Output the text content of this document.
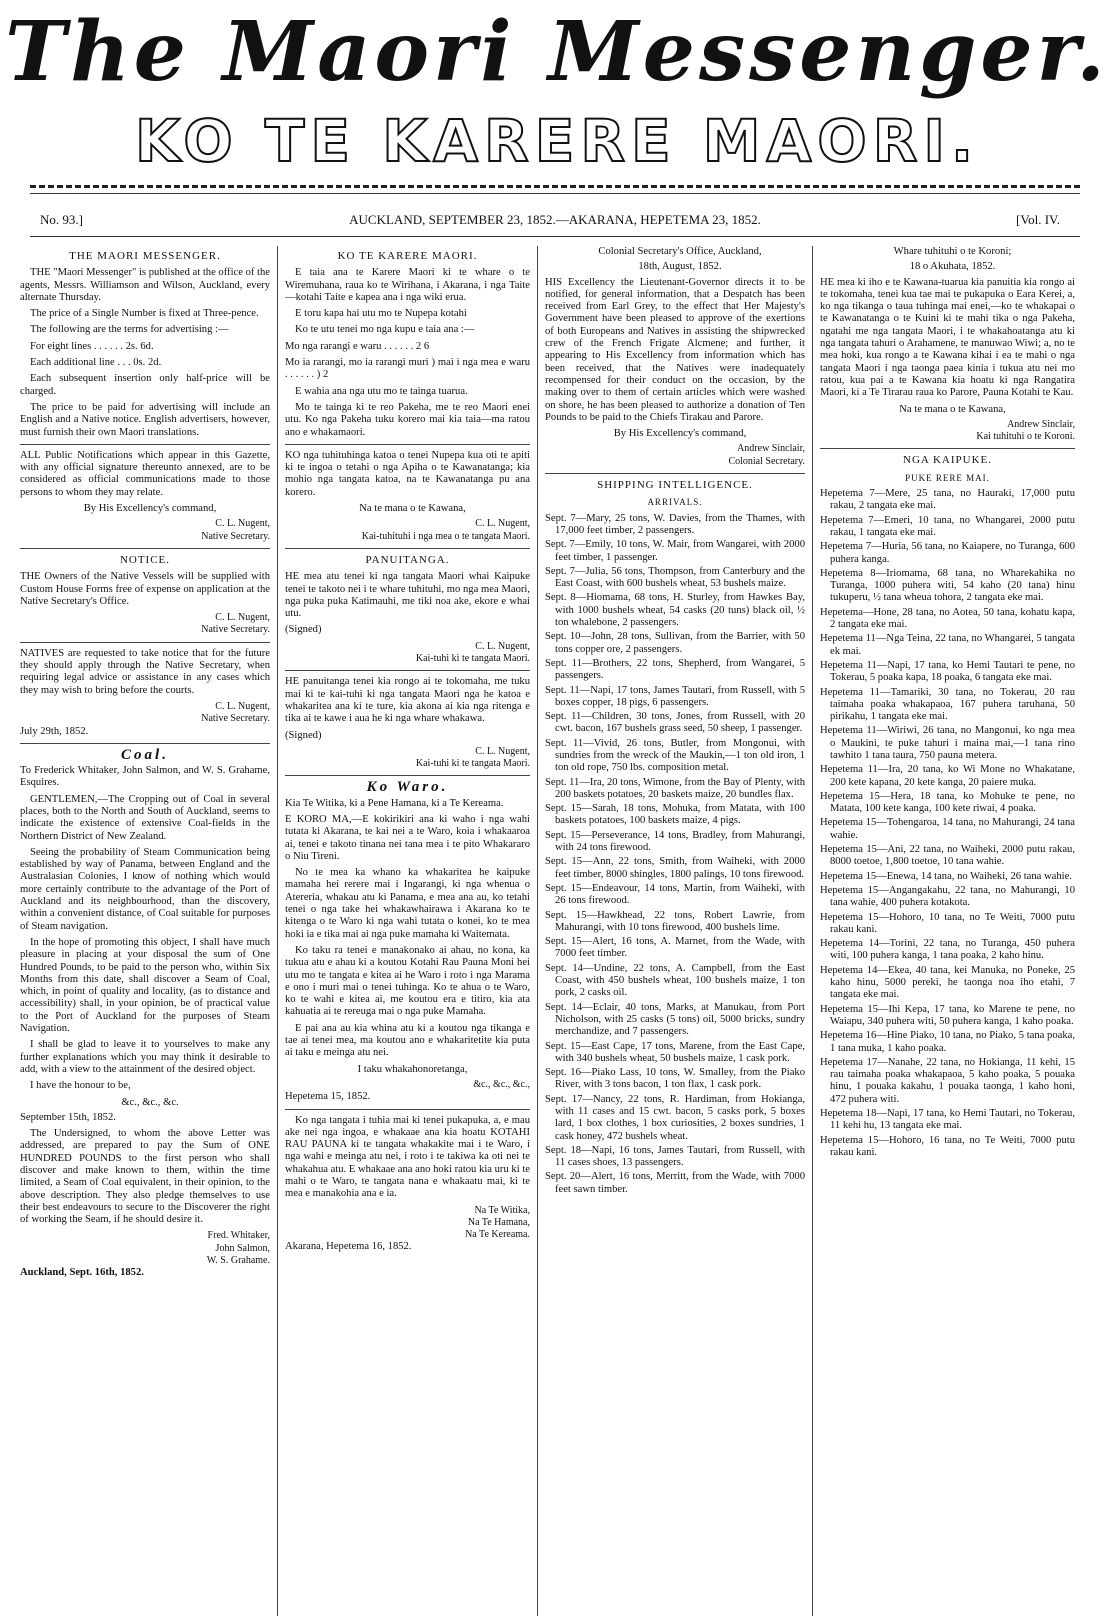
The Maori Messenger.
KO TE KARERE MAORI.
No. 93.]	AUCKLAND, SEPTEMBER 23, 1852.—AKARANA, HEPETEMA 23, 1852.	[Vol. IV.
THE MAORI MESSENGER.

THE "Maori Messenger" is published at the office of the agents, Messrs. Williamson and Wilson, Auckland, every alternate Thursday.

The price of a Single Number is fixed at Three-pence.

The following are the terms for advertising :—

For eight lines . . . . . . 2s. 6d.

Each additional line . . . 0s. 2d.

Each subsequent insertion only half-price will be charged.

The price to be paid for advertising will include an English and a Native notice. English advertisers, however, must furnish their own Maori translations.

ALL Public Notifications which appear in this Gazette, with any official signature thereunto annexed, are to be considered as official communications made to those persons to whom they may relate.

By His Excellency's command,

C. L. Nugent,

Native Secretary.

NOTICE.

THE Owners of the Native Vessels will be supplied with Custom House Forms free of expense on application at the Native Secretary's Office.

C. L. Nugent,

Native Secretary.

NATIVES are requested to take notice that for the future they should apply through the Native Secretary, when requiring legal advice or assistance in any cases which they may wish to bring before the courts.

C. L. Nugent,

Native Secretary.

July 29th, 1852.

Coal.

To Frederick Whitaker, John Salmon, and W. S. Grahame, Esquires.

GENTLEMEN,—The Cropping out of Coal in several places, both to the North and South of Auckland, seems to indicate the existence of extensive Coal-fields in the Northern District of New Zealand.

Seeing the probability of Steam Communication being established by way of Panama, between England and the Australasian Colonies, I know of nothing which would more certainly contribute to the advantage of the Port of Auckland and its neighbourhood, than the discovery, within a convenient distance, of Coal suitable for purposes of Steam navigation.

In the hope of promoting this object, I shall have much pleasure in placing at your disposal the sum of One Hundred Pounds, to be paid to the person who, within Six Months from this date, shall discover a Seam of Coal, which, in point of quality and locality, (as to distance and accessibility) shall, in your opinion, be of practical value to the Port of Auckland for the purposes of Steam Navigation.

I shall be glad to leave it to yourselves to make any further explanations which you may think it desirable to add, with a view to the attainment of the desired object.

I have the honour to be,

&c., &c., &c.

September 15th, 1852.

The Undersigned, to whom the above Letter was addressed, are prepared to pay the Sum of ONE HUNDRED POUNDS to the first person who shall discover and make known to them, within the time limited, a Seam of Coal equivalent, in their opinion, to the above description. They also pledge themselves to use their best endeavours to secure to the Discoverer the right of working the Seam, if he should desire it.

Fred. Whitaker,

John Salmon,

W. S. Grahame.

Auckland, Sept. 16th, 1852.

KO TE KARERE MAORI.

E taia ana te Karere Maori ki te whare o te Wiremuhana, raua ko te Wirihana, i Akarana, i nga Taite—kotahi Taite e kapea ana i nga wiki erua.

E toru kapa hai utu mo te Nupepa kotahi

Ko te utu tenei mo nga kupu e taia ana :—

Mo nga rarangi e waru . . . . . . 2 6

Mo ia rarangi, mo ia rarangi muri ) mai i nga mea e waru . . . . . . ) 2

E wahia ana nga utu mo te tainga tuarua.

Mo te tainga ki te reo Pakeha, me te reo Maori enei utu. Ko nga Pakeha tuku korero mai kia taia—ma ratou ano e whakamaori.

KO nga tuhituhinga katoa o tenei Nupepa kua oti te apiti ki te ingoa o tetahi o nga Apiha o te Kawanatanga; kia mohio nga tangata katoa, na te Kawanatanga pu ana korero.

Na te mana o te Kawana,

C. L. Nugent,

Kai-tuhituhi i nga mea o te tangata Maori.

PANUITANGA.

HE mea atu tenei ki nga tangata Maori whai Kaipuke tenei te takoto nei i te whare tuhituhi, mo nga mea Maori, nga puka puka Katimauhi, me tiki noa ake, ekore e whai utu.

(Signed)

C. L. Nugent,

Kai-tuhi ki te tangata Maori.

HE panuitanga tenei kia rongo ai te tokomaha, me tuku mai ki te kai-tuhi ki nga tangata Maori nga he katoa e whakaritea ana ki te ture, kia akona ai kia nga ritenga e tika ai te kawe i aua he ki nga whare whakawa.

(Signed)

C. L. Nugent,

Kai-tuhi ki te tangata Maori.

Ko Waro.

Kia Te Witika, ki a Pene Hamana, ki a Te Kereama.

E KORO MA,—E kokirikiri ana ki waho i nga wahi tutata ki Akarana, te kai nei a te Waro, koia i whakaaroa ai, tenei e takoto tinana nei tana mea i te pito Whakararo o Niu Tireni.

No te mea ka whano ka whakaritea he kaipuke mamaha hei rerere mai i Ingarangi, ki nga whenua o Atereria, whakau atu ki Panama, e mea ana au, ko tetahi tenei o nga take hei whakawhairawa i Akarana ko te kitenga o te Waro ki nga wahi tutata o konei, ko te mea hoki ia e tika mai ai nga puke mamaha ki Waitemata.

Ko taku ra tenei e manakonako ai ahau, no kona, ka tukua atu e ahau ki a koutou Kotahi Rau Pauna Moni hei utu mo te tangata e kitea ai he Waro i roto i nga Marama e ono i muri mai o tenei tuhinga. Ko te ahua o te Waro, ko te wahi e kitea ai, me koutou era e titiro, kia ata kahuatia ai te rereuga mai o nga puke Mamaha.

E pai ana au kia whina atu ki a koutou nga tikanga e tae ai tenei mea, ma koutou ano e whakaritetite kia puta ai taku e meinga atu nei.

I taku whakahonoretanga,

&c., &c., &c.,

Hepetema 15, 1852.

Ko nga tangata i tuhia mai ki tenei pukapuka, a, e mau ake nei nga ingoa, e whakaae ana kia hoatu KOTAHI RAU PAUNA ki te tangata whakakite mai i te Waro, i nga wahi e meinga atu nei, i roto i te takiwa ka oti nei te whakahua atu. E whakaae ana ano hoki ratou kia uru ki te mahi o te Waro, te tangata nana e whakaatu mai, ki te mea e manakohia ana e ia.

Na Te Witika,

Na Te Hamana,

Na Te Kereama.

Akarana, Hepetema 16, 1852.

Colonial Secretary's Office, Auckland,

18th, August, 1852.

HIS Excellency the Lieutenant-Governor directs it to be notified, for general information, that a Despatch has been received from Earl Grey, to the effect that Her Majesty's Government have been pleased to approve of the exertions of both Europeans and Natives in assisting the shipwrecked crew of the French Frigate Alcmene; and further, it appearing to His Excellency from information which has been received, that the Natives were inadequately recompensed for their conduct on the occasion, by the making over to them of certain articles which were washed on shore, he has been pleased to authorize a donation of Ten Pounds to be paid to the Chiefs Tirakau and Parore.

By His Excellency's command,

Andrew Sinclair,

Colonial Secretary.

SHIPPING INTELLIGENCE.
ARRIVALS.

Sept. 7—Mary, 25 tons, W. Davies, from the Thames, with 17,000 feet timber, 2 passengers.

Sept. 7—Emily, 10 tons, W. Mair, from Wangarei, with 2000 feet timber, 1 passenger.

Sept. 7—Julia, 56 tons, Thompson, from Canterbury and the East Coast, with 600 bushels wheat, 53 bushels maize.

Sept. 8—Hiomama, 68 tons, H. Sturley, from Hawkes Bay, with 1000 bushels wheat, 54 casks (20 tuns) black oil, ½ ton whalebone, 2 passengers.

Sept. 10—John, 28 tons, Sullivan, from the Barrier, with 50 tons copper ore, 2 passengers.

Sept. 11—Brothers, 22 tons, Shepherd, from Wangarei, 5 passengers.

Sept. 11—Napi, 17 tons, James Tautari, from Russell, with 5 boxes copper, 18 pigs, 6 passengers.

Sept. 11—Children, 30 tons, Jones, from Russell, with 20 cwt. bacon, 167 bushels grass seed, 50 sheep, 1 passenger.

Sept. 11—Vivid, 26 tons, Butler, from Mongonui, with sundries from the wreck of the Maukin,—1 ton old iron, 1 ton old rope, 750 lbs. composition metal.

Sept. 11—Ira, 20 tons, Wimone, from the Bay of Plenty, with 200 baskets potatoes, 20 baskets maize, 20 bundles flax.

Sept. 15—Sarah, 18 tons, Mohuka, from Matata, with 100 baskets potatoes, 100 baskets maize, 4 pigs.

Sept. 15—Perseverance, 14 tons, Bradley, from Mahurangi, with 24 tons firewood.

Sept. 15—Ann, 22 tons, Smith, from Waiheki, with 2000 feet timber, 8000 shingles, 1800 palings, 10 tons firewood.

Sept. 15—Endeavour, 14 tons, Martin, from Waiheki, with 26 tons firewood.

Sept. 15—Hawkhead, 22 tons, Robert Lawrie, from Mahurangi, with 10 tons firewood, 400 bushels lime.

Sept. 15—Alert, 16 tons, A. Marnet, from the Wade, with 7000 feet timber.

Sept. 14—Undine, 22 tons, A. Campbell, from the East Coast, with 450 bushels wheat, 100 bushels maize, 1 ton pork, 2 casks oil.

Sept. 14—Eclair, 40 tons, Marks, at Manukau, from Port Nicholson, with 25 casks (5 tons) oil, 5000 bricks, sundry merchandize, and 7 passengers.

Sept. 15—East Cape, 17 tons, Marene, from the East Cape, with 340 bushels wheat, 50 bushels maize, 1 cask pork.

Sept. 16—Piako Lass, 10 tons, W. Smalley, from the Piako River, with 3 tons bacon, 1 ton flax, 1 cask pork.

Sept. 17—Nancy, 22 tons, R. Hardiman, from Hokianga, with 11 cases and 15 cwt. bacon, 5 casks pork, 5 boxes lard, 1 box clothes, 1 box curiosities, 2 boxes sundries, 1 cask honey, 472 bushels wheat.

Sept. 18—Napi, 16 tons, James Tautari, from Russell, with 11 cases shoes, 13 passengers.

Sept. 20—Alert, 16 tons, Merritt, from the Wade, with 7000 feet sawn timber.

Whare tuhituhi o te Koroni;

18 o Akuhata, 1852.

HE mea ki iho e te Kawana-tuarua kia panuitia kia rongo ai te tokomaha, tenei kua tae mai te pukapuka o Eara Kerei, a, ko nga tikanga o taua tuhinga mai enei,—ko te whakapai o te Kawanatanga o te Kuini ki te mahi tika o nga Pakeha, ngatahi me nga tangata Maori, i te whakahoatanga atu ki nga tangata tahuri o Arahamene, te manuwao Wiwi; a, no te mea hoki, kua rongo a te Kawana kihai i ea te mahi o nga tangata Maori i nga taonga paea kinia i tukua atu nei mo ratou, kua pai a te Kawana kia hoatu ki nga Rangatira Maori, ki a Te Tirarau raua ko Parore, Pauna Kotahi te Kau.

Na te mana o te Kawana,

Andrew Sinclair,

Kai tuhituhi o te Koroni.

NGA KAIPUKE.
PUKE RERE MAI.

Hepetema 7—Mere, 25 tana, no Hauraki, 17,000 putu rakau, 2 tangata eke mai.

Hepetema 7—Emeri, 10 tana, no Whangarei, 2000 putu rakau, 1 tangata eke mai.

Hepetema 7—Huria, 56 tana, no Kaiapere, no Turanga, 600 puhera kanga.

Hepetema 8—Iriomama, 68 tana, no Wharekahika no Turanga, 1000 puhera witi, 54 kaho (20 tana) hinu tukuperu, ½ tana wheua tohora, 2 tangata eke mai.

Hepetema—Hone, 28 tana, no Aotea, 50 tana, kohatu kapa, 2 tangata eke mai.

Hepetema 11—Nga Teina, 22 tana, no Whangarei, 5 tangata ek mai.

Hepetema 11—Napi, 17 tana, ko Hemi Tautari te pene, no Tokerau, 5 poaka kapa, 18 poaka, 6 tangata eke mai.

Hepetema 11—Tamariki, 30 tana, no Tokerau, 20 rau taimaha poaka whakapaoa, 167 puhera taruhana, 50 pirikahu, 1 tangata eke mai.

Hepetema 11—Wiriwi, 26 tana, no Mangonui, ko nga mea o Maukini, te puke tahuri i maina mai,—1 tana rino tawhito 1 tana taura, 750 pauna metera.

Hepetema 11—Ira, 20 tana, ko Wi Mone no Whakatane, 200 kete kapana, 20 kete kanga, 20 paiere muka.

Hepetema 15—Hera, 18 tana, ko Mohuke te pene, no Matata, 100 kete kanga, 100 kete riwai, 4 poaka.

Hepetema 15—Tohengaroa, 14 tana, no Mahurangi, 24 tana wahie.

Hepetema 15—Ani, 22 tana, no Waiheki, 2000 putu rakau, 8000 toetoe, 1,800 toetoe, 10 tana wahie.

Hepetema 15—Enewa, 14 tana, no Waiheki, 26 tana wahie.

Hepetema 15—Angangakahu, 22 tana, no Mahurangi, 10 tana wahie, 400 puhera kotakota.

Hepetema 15—Hohoro, 10 tana, no Te Weiti, 7000 putu rakau kani.

Hepetema 14—Torini, 22 tana, no Turanga, 450 puhera witi, 100 puhera kanga, 1 tana poaka, 2 kaho hinu.

Hepetema 14—Ekea, 40 tana, kei Manuka, no Poneke, 25 kaho hinu, 5000 pereki, he taonga noa iho etahi, 7 tangata eke mai.

Hepetema 15—Ihi Kepa, 17 tana, ko Marene te pene, no Waiapu, 340 puhera witi, 50 puhera kanga, 1 kaho poaka.

Hepetema 16—Hine Piako, 10 tana, no Piako, 5 tana poaka, 1 tana muka, 1 kaho poaka.

Hepetema 17—Nanahe, 22 tana, no Hokianga, 11 kehi, 15 rau taimaha poaka whakapaoa, 5 kaho poaka, 5 pouaka hinu, 1 pouaka kakahu, 1 pouaka taonga, 1 kaho honi, 472 puhera witi.

Hepetema 18—Napi, 17 tana, ko Hemi Tautari, no Tokerau, 11 kehi hu, 13 tangata eke mai.

Hepetema 15—Hohoro, 16 tana, no Te Weiti, 7000 putu rakau kani.
